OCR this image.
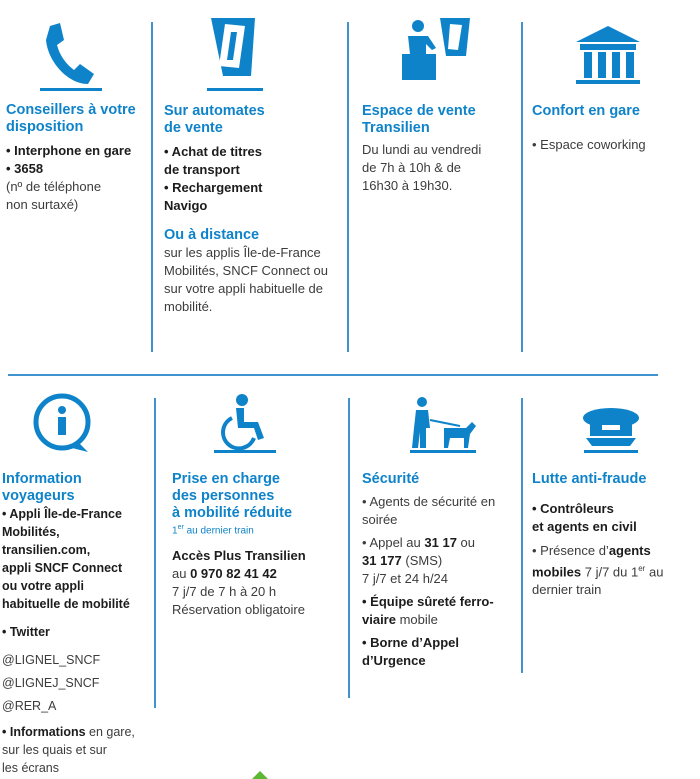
Conseillers à votre

disposition

• Interphone en gare

• 3658

(nº de téléphone

non surtaxé)

Sur automates

de vente

• Achat de titres

de transport

• Rechargement

Navigo

Ou à distance

sur les applis Île-de-France

Mobilités, SNCF Connect ou

sur votre appli habituelle de

mobilité.

Espace de vente

Transilien

Du lundi au vendredi

de 7h à 10h & de

16h30 à 19h30.

Confort en gare

• Espace coworking

Information

voyageurs

• Appli Île-de-France

Mobilités,

transilien.com,

appli SNCF Connect

ou votre appli

habituelle de mobilité

• Twitter

@LIGNEL_SNCF

@LIGNEJ_SNCF

@RER_A

• Informations en gare,

sur les quais et sur

les écrans

Prise en charge

des personnes

à mobilité réduite

1er au dernier train

Accès Plus Transilien

au 0 970 82 41 42

7 j/7 de 7 h à 20 h

Réservation obligatoire

Sécurité

• Agents de sécurité en

soirée

• Appel au 31 17 ou

31 177 (SMS)

7 j/7 et 24 h/24

• Équipe sûreté ferro-

viaire mobile

• Borne d’Appel

d’Urgence

Lutte anti-fraude

• Contrôleurs

et agents en civil

• Présence d’agents

mobiles 7 j/7 du 1er au

dernier train
